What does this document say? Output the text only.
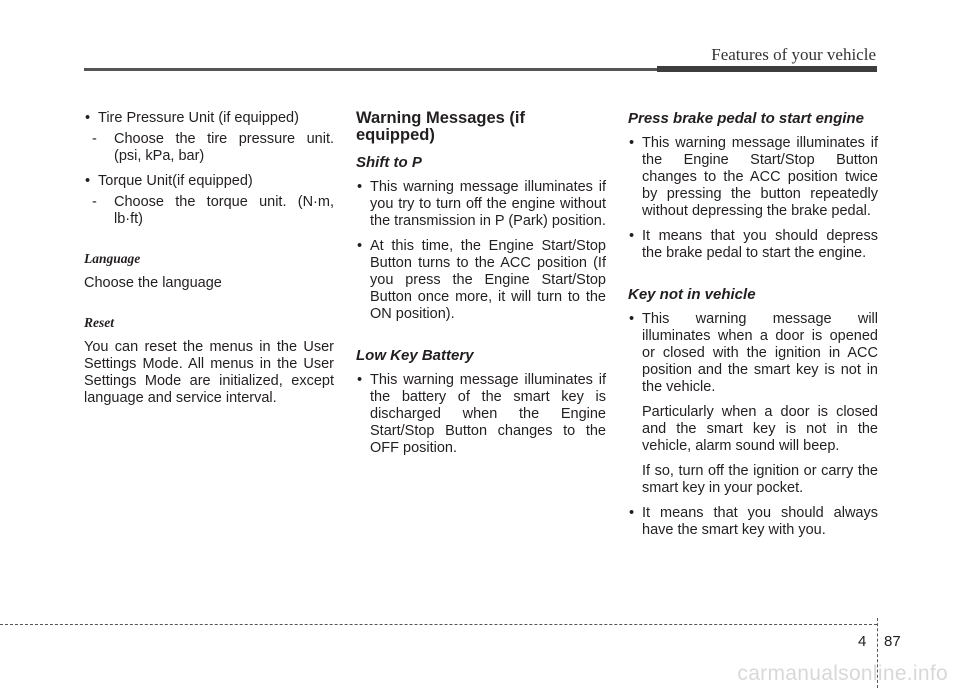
Features of your vehicle
• Tire Pressure Unit (if equipped)
- Choose the tire pressure unit. (psi, kPa, bar)
• Torque Unit(if equipped)
- Choose the torque unit. (N·m, lb·ft)
Language

Choose the language

Reset

You can reset the menus in the User Settings Mode. All menus in the User Settings Mode are initialized, except language and service interval.

Warning Messages (if equipped)
Shift to P
• This warning message illuminates if you try to turn off the engine without the transmission in P (Park) position.
• At this time, the Engine Start/Stop Button turns to the ACC position (If you press the Engine Start/Stop Button once more, it will turn to the ON position).
Low Key Battery
• This warning message illuminates if the battery of the smart key is discharged when the Engine Start/Stop Button changes to the OFF position.
Press brake pedal to start engine
• This warning message illuminates if the Engine Start/Stop Button changes to the ACC position twice by pressing the button repeatedly without depressing the brake pedal.
• It means that you should depress the brake pedal to start the engine.
Key not in vehicle
• This warning message will illuminates when a door is opened or closed with the ignition in ACC position and the smart key is not in the vehicle.
Particularly when a door is closed and the smart key is not in the vehicle, alarm sound will beep.
If so, turn off the ignition or carry the smart key in your pocket.
• It means that you should always have the smart key with you.
4 87
carmanualsonline.info
